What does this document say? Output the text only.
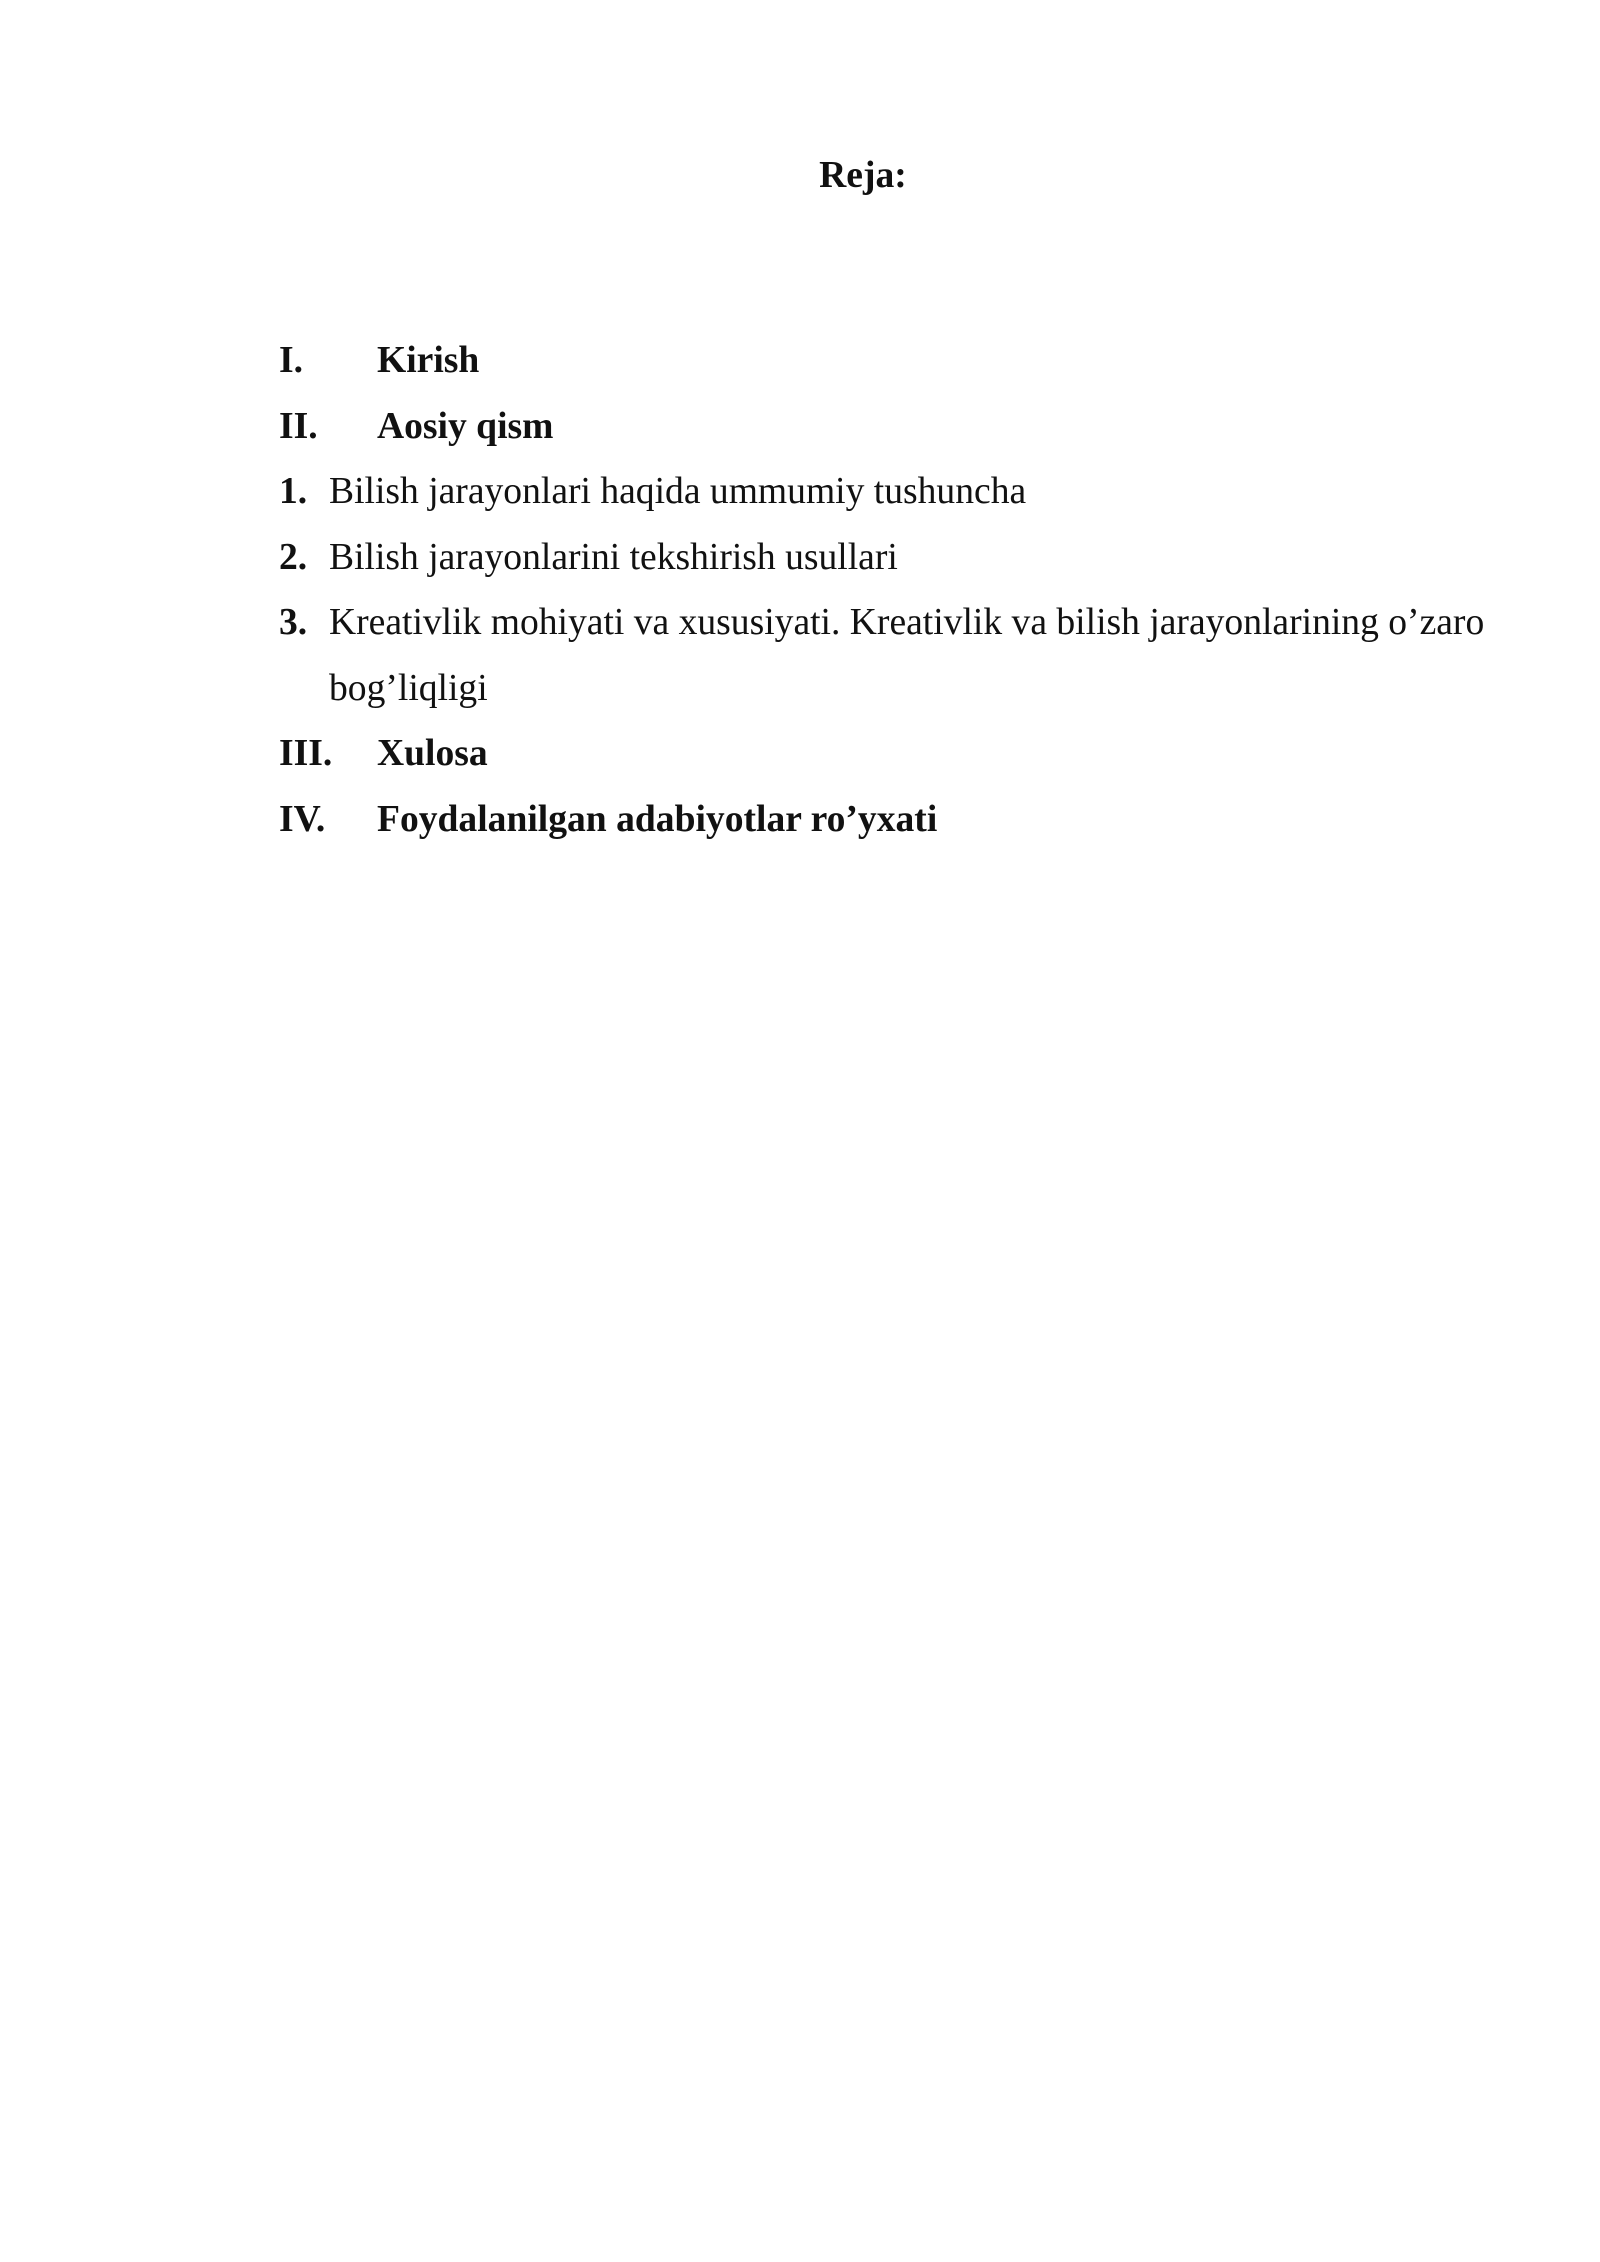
Reja:
I.	Kirish
II.	Aosiy qism
1. Bilish jarayonlari haqida ummumiy tushuncha
2. Bilish jarayonlarini tekshirish usullari
3. Kreativlik mohiyati va xususiyati. Kreativlik va bilish jarayonlarining o’zaro bog’liqligi
III.	Xulosa
IV.	Foydalanilgan adabiyotlar ro’yxati
